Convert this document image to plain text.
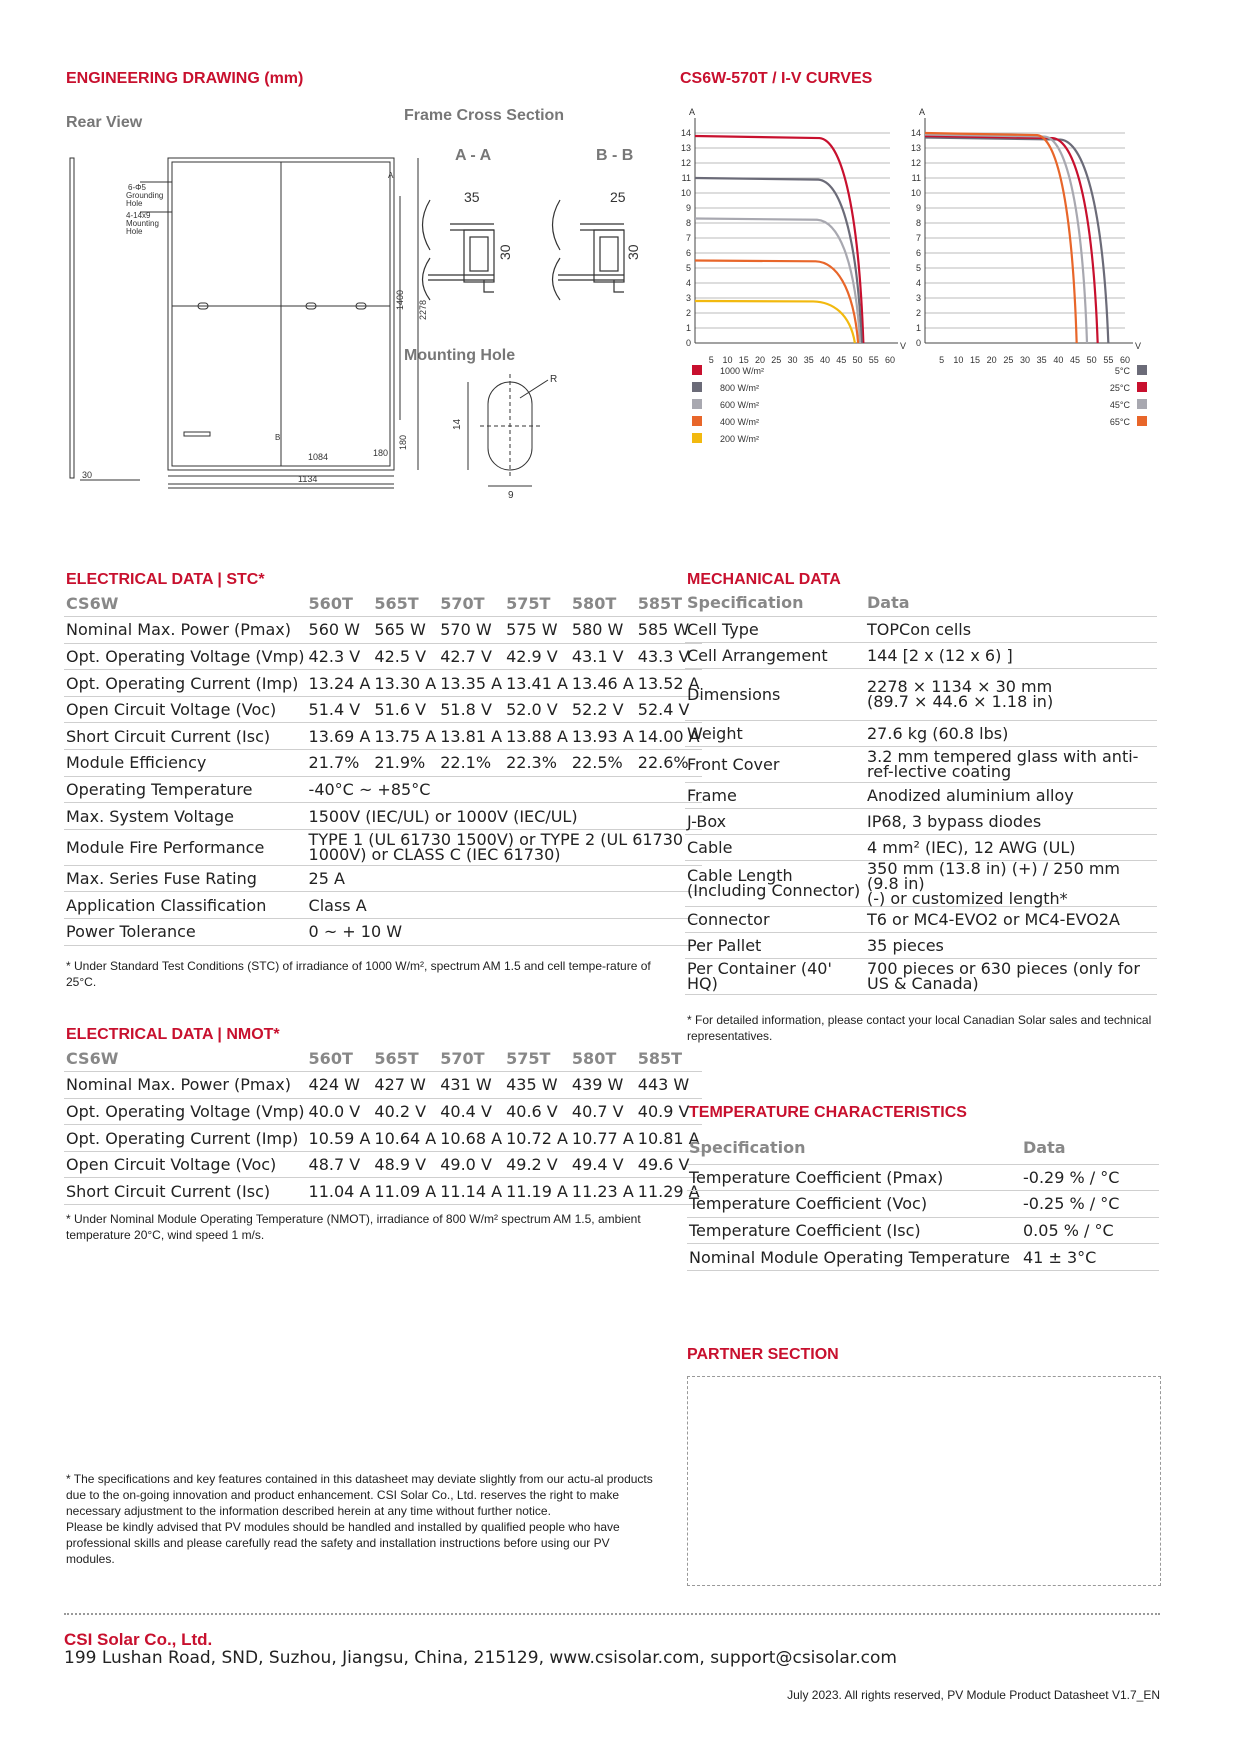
ENGINEERING DRAWING (mm)
Rear View	Frame Cross Section
A - A	B - B
Mounting Hole
6-Φ5 Grounding Hole
4-14x9 Mounting Hole
1084
1134
1400 2278
180
180
30
B
A
35
30
25
30
14
9
R
CS6W-570T / I-V CURVES
14
13
12
11
10
9
8
7
6
5
4
3
2
1
0
A
V
5 10 15 20 25 30 35 40 45 50 55 60
14
13
12
11
10
9
8
7
6
5
4
3
2
1
0
A
V
5 10 15 20 25 30 35 40 45 50 55 60
1000 W/m²
800 W/m²
600 W/m²
400 W/m²
200 W/m²
5°C
25°C
45°C
65°C
ELECTRICAL DATA | STC*
CS6W	560T	565T	570T	575T	580T	585T
Nominal Max. Power (Pmax)	560 W	565 W	570 W	575 W	580 W	585 W
Opt. Operating Voltage (Vmp)	42.3 V	42.5 V	42.7 V	42.9 V	43.1 V	43.3 V
Opt. Operating Current (Imp)	13.24 A	13.30 A	13.35 A	13.41 A	13.46 A	13.52 A
Open Circuit Voltage (Voc)	51.4 V	51.6 V	51.8 V	52.0 V	52.2 V	52.4 V
Short Circuit Current (Isc)	13.69 A	13.75 A	13.81 A	13.88 A	13.93 A	14.00 A
Module Efficiency	21.7%	21.9%	22.1%	22.3%	22.5%	22.6%
Operating Temperature	-40°C ~ +85°C					
Max. System Voltage	1500V (IEC/UL) or 1000V (IEC/UL)					
Module Fire Performance	TYPE 1 (UL 61730 1500V) or TYPE 2 (UL 61730 1000V) or CLASS C (IEC 61730)					
Max. Series Fuse Rating	25 A					
Application Classification	Class A					
Power Tolerance	0 ~ + 10 W					
* Under Standard Test Conditions (STC) of irradiance of 1000 W/m², spectrum AM 1.5 and cell tempe-rature of 25°C.
ELECTRICAL DATA | NMOT*
CS6W	560T	565T	570T	575T	580T	585T
Nominal Max. Power (Pmax)	424 W	427 W	431 W	435 W	439 W	443 W
Opt. Operating Voltage (Vmp)	40.0 V	40.2 V	40.4 V	40.6 V	40.7 V	40.9 V
Opt. Operating Current (Imp)	10.59 A	10.64 A	10.68 A	10.72 A	10.77 A	10.81 A
Open Circuit Voltage (Voc)	48.7 V	48.9 V	49.0 V	49.2 V	49.4 V	49.6 V
Short Circuit Current (Isc)	11.04 A	11.09 A	11.14 A	11.19 A	11.23 A	11.29 A
* Under Nominal Module Operating Temperature (NMOT), irradiance of 800 W/m² spectrum AM 1.5, ambient temperature 20°C, wind speed 1 m/s.
MECHANICAL DATA
Specification	Data
Cell Type	TOPCon cells
Cell Arrangement	144 [2 x (12 x 6) ]
Dimensions	2278 × 1134 × 30 mm
(89.7 × 44.6 × 1.18 in)
Weight	27.6 kg (60.8 lbs)
Front Cover	3.2 mm tempered glass with anti-ref-lective coating
Frame	Anodized aluminium alloy
J-Box	IP68, 3 bypass diodes
Cable	4 mm² (IEC), 12 AWG (UL)
Cable Length
(Including Connector)	350 mm (13.8 in) (+) / 250 mm (9.8 in)
(-) or customized length*
Connector	T6 or MC4-EVO2 or MC4-EVO2A
Per Pallet	35 pieces
Per Container (40' HQ)	700 pieces or 630 pieces (only for US & Canada)
* For detailed information, please contact your local Canadian Solar sales and technical representatives.
TEMPERATURE CHARACTERISTICS
Specification	Data
Temperature Coefficient (Pmax)	-0.29 % / °C
Temperature Coefficient (Voc)	-0.25 % / °C
Temperature Coefficient (Isc)	0.05 % / °C
Nominal Module Operating Temperature	41 ± 3°C
PARTNER SECTION
* The specifications and key features contained in this datasheet may deviate slightly from our actu-al products due to the on-going innovation and product enhancement. CSI Solar Co., Ltd. reserves the right to make necessary adjustment to the information described herein at any time without further notice.
Please be kindly advised that PV modules should be handled and installed by qualified people who have professional skills and please carefully read the safety and installation instructions before using our PV modules.
CSI Solar Co., Ltd.
199 Lushan Road, SND, Suzhou, Jiangsu, China, 215129, www.csisolar.com, support@csisolar.com
July 2023. All rights reserved, PV Module Product Datasheet V1.7_EN
